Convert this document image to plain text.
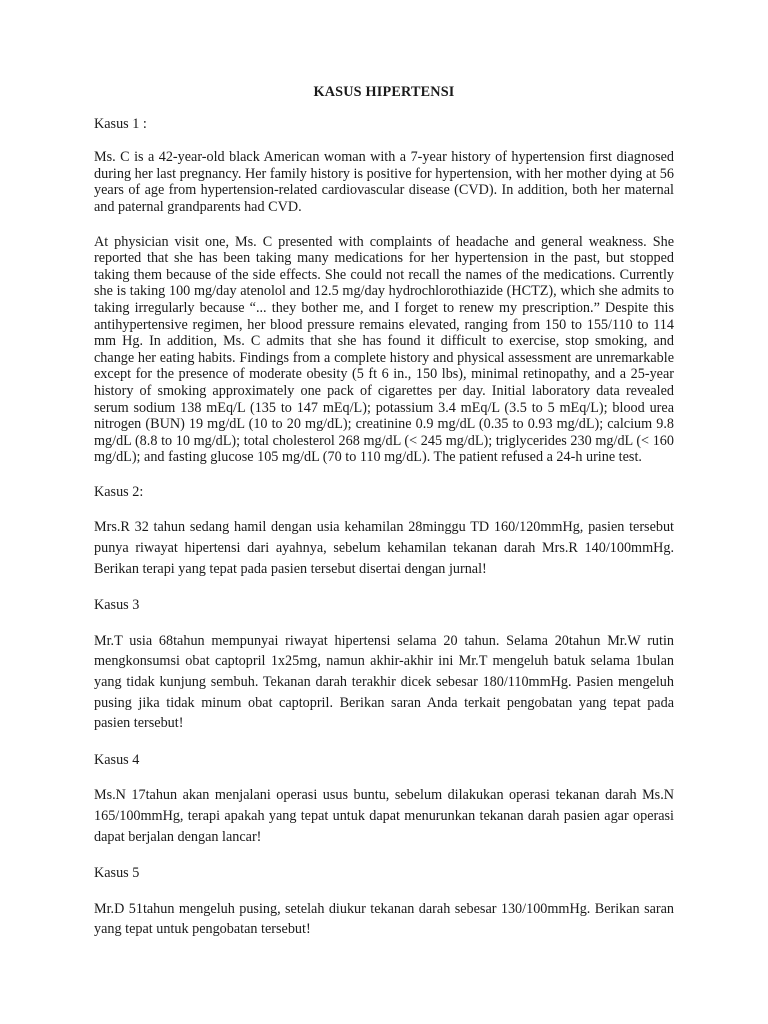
KASUS HIPERTENSI
Kasus 1 :

Ms. C is a 42-year-old black American woman with a 7-year history of hypertension first diagnosed during her last pregnancy. Her family history is positive for hypertension, with her mother dying at 56 years of age from hypertension-related cardiovascular disease (CVD). In addition, both her maternal and paternal grandparents had CVD.

At physician visit one, Ms. C presented with complaints of headache and general weakness. She reported that she has been taking many medications for her hypertension in the past, but stopped taking them because of the side effects. She could not recall the names of the medications. Currently she is taking 100 mg/day atenolol and 12.5 mg/day hydrochlorothiazide (HCTZ), which she admits to taking irregularly because “... they bother me, and I forget to renew my prescription.” Despite this antihypertensive regimen, her blood pressure remains elevated, ranging from 150 to 155/110 to 114 mm Hg. In addition, Ms. C admits that she has found it difficult to exercise, stop smoking, and change her eating habits. Findings from a complete history and physical assessment are unremarkable except for the presence of moderate obesity (5 ft 6 in., 150 lbs), minimal retinopathy, and a 25-year history of smoking approximately one pack of cigarettes per day. Initial laboratory data revealed serum sodium 138 mEq/L (135 to 147 mEq/L); potassium 3.4 mEq/L (3.5 to 5 mEq/L); blood urea nitrogen (BUN) 19 mg/dL (10 to 20 mg/dL); creatinine 0.9 mg/dL (0.35 to 0.93 mg/dL); calcium 9.8 mg/dL (8.8 to 10 mg/dL); total cholesterol 268 mg/dL (< 245 mg/dL); triglycerides 230 mg/dL (< 160 mg/dL); and fasting glucose 105 mg/dL (70 to 110 mg/dL). The patient refused a 24-h urine test.

Kasus 2:

Mrs.R 32 tahun sedang hamil dengan usia kehamilan 28minggu TD 160/120mmHg, pasien tersebut punya riwayat hipertensi dari ayahnya, sebelum kehamilan tekanan darah Mrs.R 140/100mmHg. Berikan terapi yang tepat pada pasien tersebut disertai dengan jurnal!

Kasus 3

Mr.T usia 68tahun mempunyai riwayat hipertensi selama 20 tahun. Selama 20tahun Mr.W rutin mengkonsumsi obat captopril 1x25mg, namun akhir-akhir ini Mr.T mengeluh batuk selama 1bulan yang tidak kunjung sembuh. Tekanan darah terakhir dicek sebesar 180/110mmHg. Pasien mengeluh pusing jika tidak minum obat captopril. Berikan saran Anda terkait pengobatan yang tepat pada pasien tersebut!

Kasus 4

Ms.N 17tahun akan menjalani operasi usus buntu, sebelum dilakukan operasi tekanan darah Ms.N 165/100mmHg, terapi apakah yang tepat untuk dapat menurunkan tekanan darah pasien agar operasi dapat berjalan dengan lancar!

Kasus 5

Mr.D 51tahun mengeluh pusing, setelah diukur tekanan darah sebesar 130/100mmHg. Berikan saran yang tepat untuk pengobatan tersebut!
